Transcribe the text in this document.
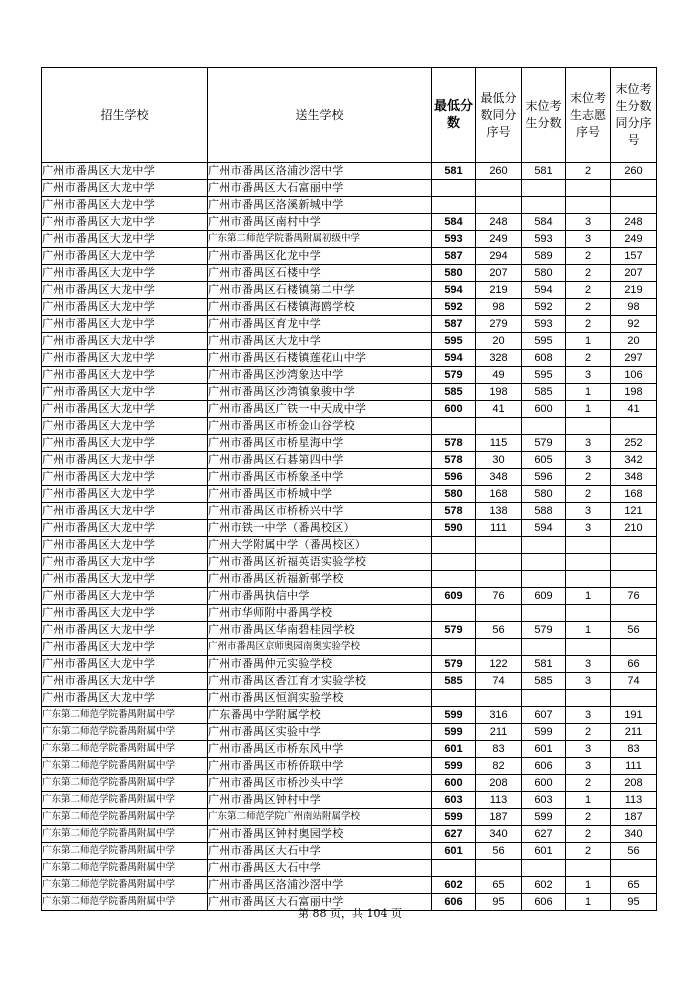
招生学校	送生学校	最低分数	最低分数同分序号	末位考生分数	末位考生志愿序号	末位考生分数同分序号
广州市番禺区大龙中学	广州市番禺区洛浦沙滘中学	581	260	581	2	260
广州市番禺区大龙中学	广州市番禺区大石富丽中学					
广州市番禺区大龙中学	广州市番禺区洛溪新城中学					
广州市番禺区大龙中学	广州市番禺区南村中学	584	248	584	3	248
广州市番禺区大龙中学	广东第二师范学院番禺附属初级中学	593	249	593	3	249
广州市番禺区大龙中学	广州市番禺区化龙中学	587	294	589	2	157
广州市番禺区大龙中学	广州市番禺区石楼中学	580	207	580	2	207
广州市番禺区大龙中学	广州市番禺区石楼镇第二中学	594	219	594	2	219
广州市番禺区大龙中学	广州市番禺区石楼镇海鸥学校	592	98	592	2	98
广州市番禺区大龙中学	广州市番禺区育龙中学	587	279	593	2	92
广州市番禺区大龙中学	广州市番禺区大龙中学	595	20	595	1	20
广州市番禺区大龙中学	广州市番禺区石楼镇莲花山中学	594	328	608	2	297
广州市番禺区大龙中学	广州市番禺区沙湾象达中学	579	49	595	3	106
广州市番禺区大龙中学	广州市番禺区沙湾镇象骏中学	585	198	585	1	198
广州市番禺区大龙中学	广州市番禺区广铁一中天成中学	600	41	600	1	41
广州市番禺区大龙中学	广州市番禺区市桥金山谷学校					
广州市番禺区大龙中学	广州市番禺区市桥星海中学	578	115	579	3	252
广州市番禺区大龙中学	广州市番禺区石碁第四中学	578	30	605	3	342
广州市番禺区大龙中学	广州市番禺区市桥象圣中学	596	348	596	2	348
广州市番禺区大龙中学	广州市番禺区市桥城中学	580	168	580	2	168
广州市番禺区大龙中学	广州市番禺区市桥桥兴中学	578	138	588	3	121
广州市番禺区大龙中学	广州市铁一中学（番禺校区）	590	111	594	3	210
广州市番禺区大龙中学	广州大学附属中学（番禺校区）					
广州市番禺区大龙中学	广州市番禺区祈福英语实验学校					
广州市番禺区大龙中学	广州市番禺区祈福新邨学校					
广州市番禺区大龙中学	广州市番禺执信中学	609	76	609	1	76
广州市番禺区大龙中学	广州市华师附中番禺学校					
广州市番禺区大龙中学	广州市番禺区华南碧桂园学校	579	56	579	1	56
广州市番禺区大龙中学	广州市番禺区京师奥园南奥实验学校					
广州市番禺区大龙中学	广州市番禺仲元实验学校	579	122	581	3	66
广州市番禺区大龙中学	广州市番禺区香江育才实验学校	585	74	585	3	74
广州市番禺区大龙中学	广州市番禺区恒润实验学校					
广东第二师范学院番禺附属中学	广东番禺中学附属学校	599	316	607	3	191
广东第二师范学院番禺附属中学	广州市番禺区实验中学	599	211	599	2	211
广东第二师范学院番禺附属中学	广州市番禺区市桥东风中学	601	83	601	3	83
广东第二师范学院番禺附属中学	广州市番禺区市桥侨联中学	599	82	606	3	111
广东第二师范学院番禺附属中学	广州市番禺区市桥沙头中学	600	208	600	2	208
广东第二师范学院番禺附属中学	广州市番禺区钟村中学	603	113	603	1	113
广东第二师范学院番禺附属中学	广东第二师范学院广州南站附属学校	599	187	599	2	187
广东第二师范学院番禺附属中学	广州市番禺区钟村奥园学校	627	340	627	2	340
广东第二师范学院番禺附属中学	广州市番禺区大石中学	601	56	601	2	56
广东第二师范学院番禺附属中学	广州市番禺区大石中学					
广东第二师范学院番禺附属中学	广州市番禺区洛浦沙滘中学	602	65	602	1	65
广东第二师范学院番禺附属中学	广州市番禺区大石富丽中学	606	95	606	1	95
第 88 页，共 104 页
